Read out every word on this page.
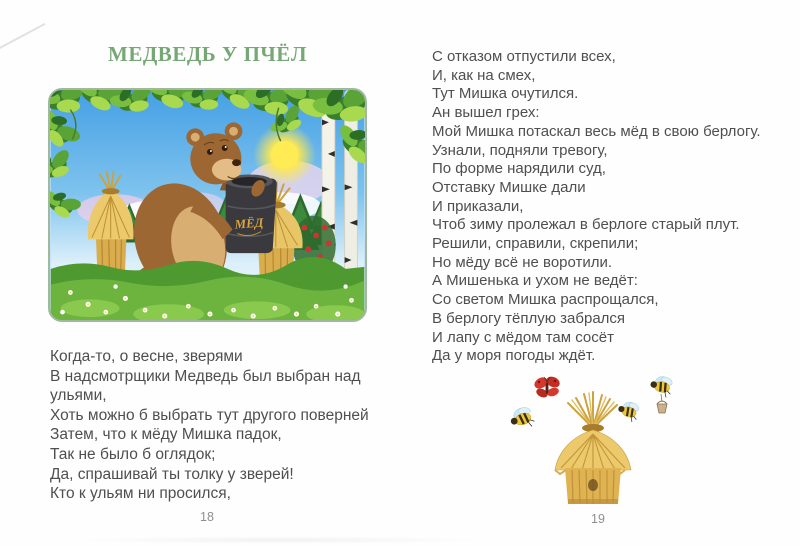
МЕДВЕДЬ У ПЧЁЛ
МЁД
Когда-то, о весне, зверями
В надсмотрщики Медведь был выбран над
ульями,
Хоть можно б выбрать тут другого поверней
Затем, что к мёду Мишка падок,
Так не было б оглядок;
Да, спрашивай ты толку у зверей!
Кто к ульям ни просился,
18
С отказом отпустили всех,
И, как на смех,
Тут Мишка очутился.
Ан вышел грех:
Мой Мишка потаскал весь мёд в свою берлогу.
Узнали, подняли тревогу,
По форме нарядили суд,
Отставку Мишке дали
И приказали,
Чтоб зиму пролежал в берлоге старый плут.
Решили, справили, скрепили;
Но мёду всё не воротили.
А Мишенька и ухом не ведёт:
Со светом Мишка распрощался,
В берлогу тёплую забрался
И лапу с мёдом там сосёт
Да у моря погоды ждёт.
19
